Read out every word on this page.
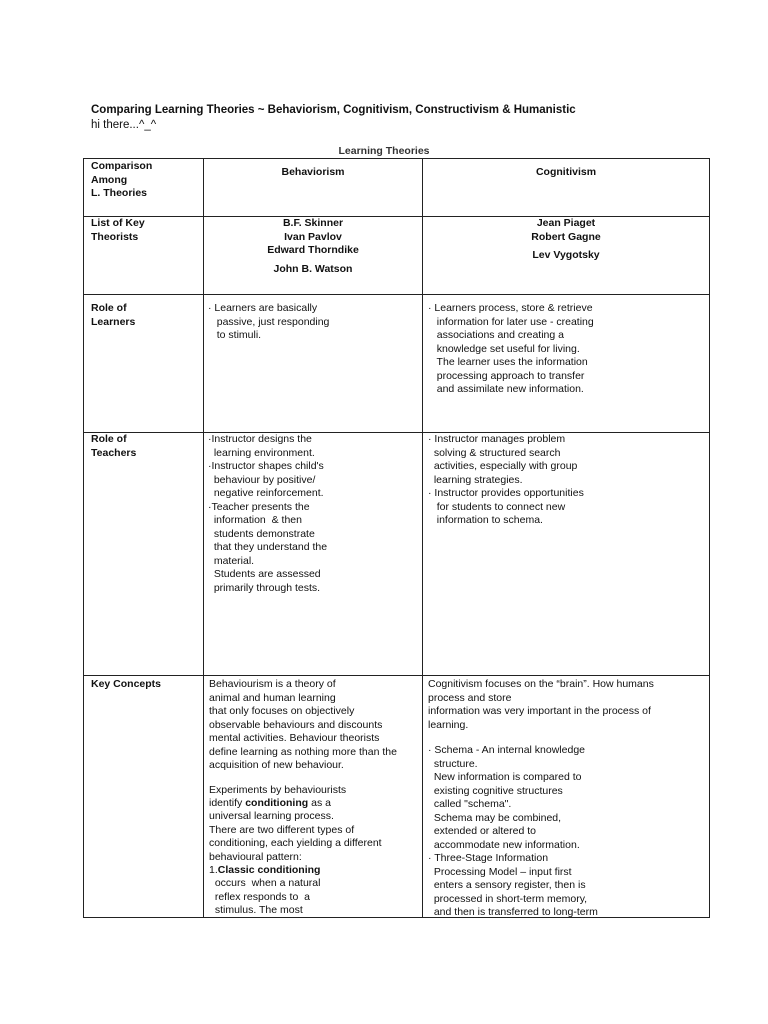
Comparing Learning Theories ~ Behaviorism, Cognitivism, Constructivism & Humanistic
hi there...^_^
Learning Theories
Comparison
Among
L. Theories
Behaviorism	Cognitivism
List of Key
Theorists
B.F. Skinner
Ivan Pavlov
Edward Thorndike
John B. Watson
Jean Piaget
Robert Gagne
Lev Vygotsky
Role of
Learners
· Learners are basically
passive, just responding
to stimuli.
· Learners process, store & retrieve
information for later use - creating
associations and creating a
knowledge set useful for living.
The learner uses the information
processing approach to transfer
and assimilate new information.
Role of
Teachers
·Instructor designs the
learning environment.
·Instructor shapes child's
behaviour by positive/
negative reinforcement.
·Teacher presents the
information  & then
students demonstrate
that they understand the
material.
Students are assessed
primarily through tests.
· Instructor manages problem
solving & structured search
activities, especially with group
learning strategies.
· Instructor provides opportunities
for students to connect new
information to schema.
Key Concepts	Behaviourism is a theory of
animal and human learning
that only focuses on objectively
observable behaviours and discounts
mental activities. Behaviour theorists
define learning as nothing more than the
acquisition of new behaviour.
Experiments by behaviourists
identify conditioning as a
universal learning process.
There are two different types of
conditioning, each yielding a different
behavioural pattern:
1.Classic conditioning
occurs  when a natural
reflex responds to  a
stimulus. The most
Cognitivism focuses on the “brain”. How humans
process and store
information was very important in the process of
learning.
· Schema - An internal knowledge
structure.
New information is compared to
existing cognitive structures
called "schema".
Schema may be combined,
extended or altered to
accommodate new information.
· Three-Stage Information
Processing Model – input first
enters a sensory register, then is
processed in short-term memory,
and then is transferred to long-term
